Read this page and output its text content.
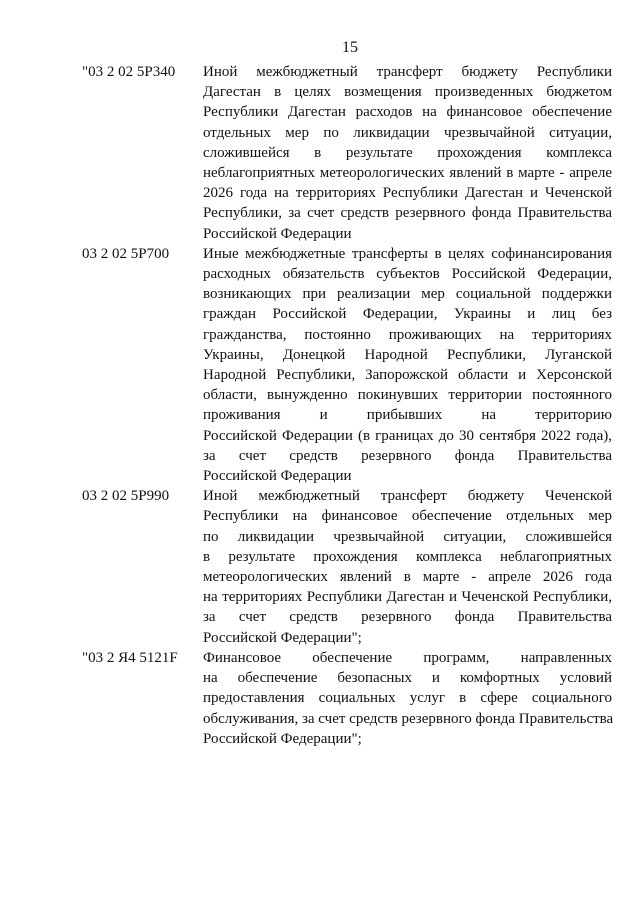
15
"03 2 02 5Р340 Иной межбюджетный трансферт бюджету Республики
Дагестан в целях возмещения произведенных бюджетом
Республики Дагестан расходов на финансовое обеспечение
отдельных мер по ликвидации чрезвычайной ситуации,
сложившейся в результате прохождения комплекса
неблагоприятных метеорологических явлений в марте - апреле
2026 года на территориях Республики Дагестан и Чеченской
Республики, за счет средств резервного фонда Правительства
Российской Федерации
03 2 02 5Р700 Иные межбюджетные трансферты в целях софинансирования
расходных обязательств субъектов Российской Федерации,
возникающих при реализации мер социальной поддержки
граждан Российской Федерации, Украины и лиц без
гражданства, постоянно проживающих на территориях
Украины, Донецкой Народной Республики, Луганской
Народной Республики, Запорожской области и Херсонской
области, вынужденно покинувших территории постоянного
проживания и прибывших на территорию
Российской Федерации (в границах до 30 сентября 2022 года),
за счет средств резервного фонда Правительства
Российской Федерации
03 2 02 5Р990 Иной межбюджетный трансферт бюджету Чеченской
Республики на финансовое обеспечение отдельных мер
по ликвидации чрезвычайной ситуации, сложившейся
в результате прохождения комплекса неблагоприятных
метеорологических явлений в марте - апреле 2026 года
на территориях Республики Дагестан и Чеченской Республики,
за счет средств резервного фонда Правительства
Российской Федерации";
"03 2 Я4 5121F Финансовое обеспечение программ, направленных
на обеспечение безопасных и комфортных условий
предоставления социальных услуг в сфере социального
обслуживания, за счет средств резервного фонда Правительства
Российской Федерации";
